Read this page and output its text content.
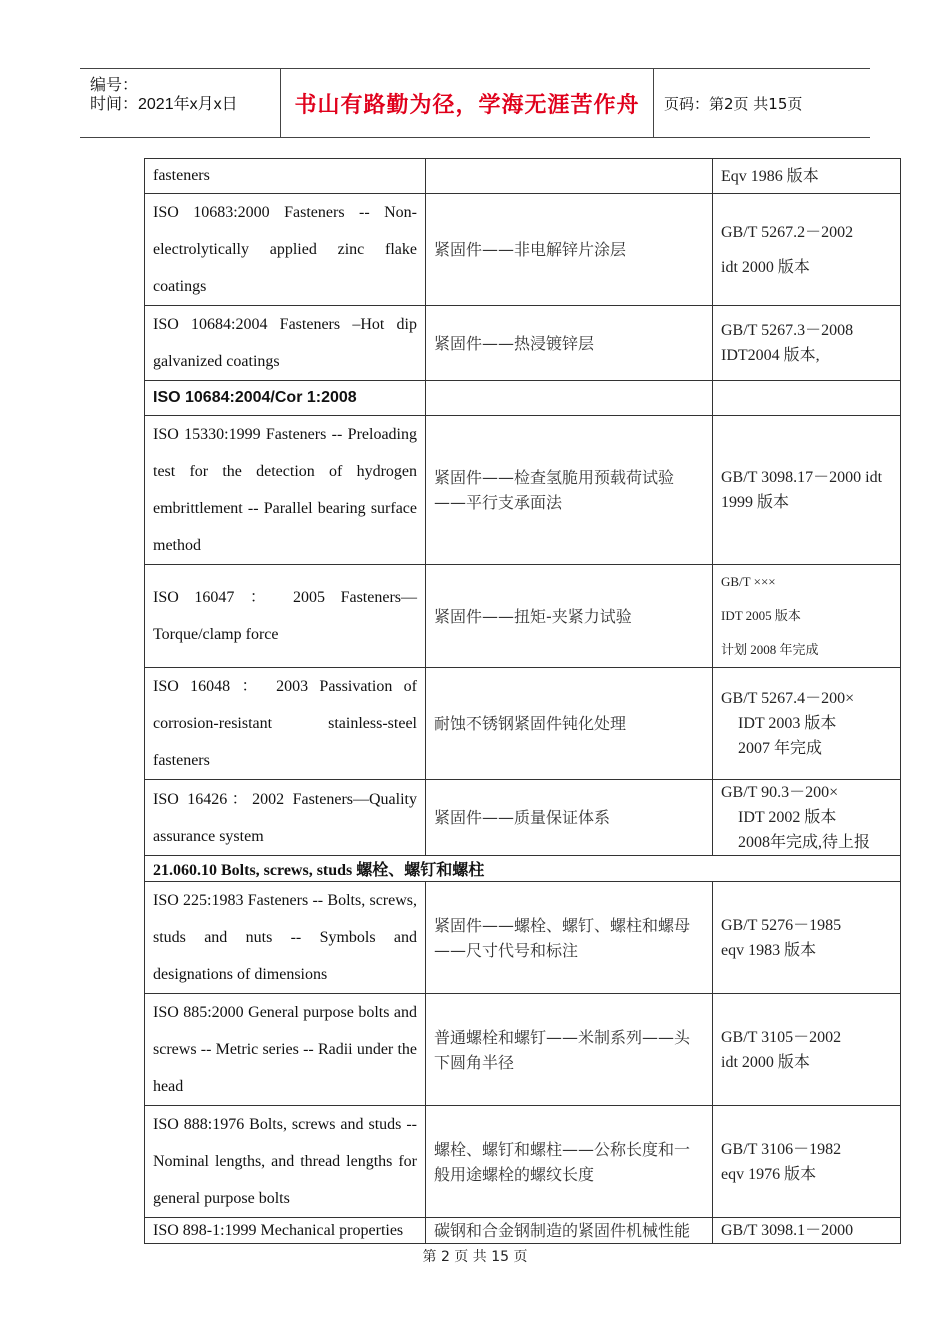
编号：
时间：2021年x月x日	书山有路勤为径，学海无涯苦作舟	页码：第2页 共15页
fasteners		Eqv 1986 版本

ISO 10683:2000 Fasteners -- Non-electrolytically applied zinc flake coatings	紧固件——非电解锌片涂层	GB/T 5267.2－2002
idt 2000 版本

ISO 10684:2004 Fasteners –Hot dip galvanized coatings	紧固件——热浸镀锌层	GB/T 5267.3－2008
IDT2004 版本,

ISO 10684:2004/Cor 1:2008		
ISO 15330:1999 Fasteners -- Preloading test for the detection of hydrogen embrittlement -- Parallel bearing surface method	紧固件——检查氢脆用预载荷试验——平行支承面法	GB/T 3098.17－2000 idt
1999 版本

ISO 16047 ： 2005 Fasteners—Torque/clamp force	紧固件——扭矩-夹紧力试验	GB/T ×××
IDT 2005 版本
计划 2008 年完成

ISO 16048 ： 2003 Passivation of corrosion-resistant stainless-steel fasteners	耐蚀不锈钢紧固件钝化处理	GB/T 5267.4－200×
IDT 2003 版本
2007 年完成

ISO 16426：2002 Fasteners—Quality assurance system	紧固件——质量保证体系	GB/T 90.3－200×
IDT 2002 版本
2008年完成,待上报

21.060.10 Bolts, screws, studs 螺栓、螺钉和螺柱		
ISO 225:1983 Fasteners -- Bolts, screws, studs and nuts -- Symbols and designations of dimensions	紧固件——螺栓、螺钉、螺柱和螺母——尺寸代号和标注	GB/T 5276－1985
eqv 1983 版本

ISO 885:2000 General purpose bolts and screws -- Metric series -- Radii under the head	普通螺栓和螺钉——米制系列——头下圆角半径	GB/T 3105－2002
idt 2000 版本

ISO 888:1976 Bolts, screws and studs -- Nominal lengths, and thread lengths for general purpose bolts	螺栓、螺钉和螺柱——公称长度和一般用途螺栓的螺纹长度	GB/T 3106－1982
eqv 1976 版本

ISO 898-1:1999 Mechanical properties	碳钢和合金钢制造的紧固件机械性能	GB/T 3098.1－2000
第 2 页 共 15 页
